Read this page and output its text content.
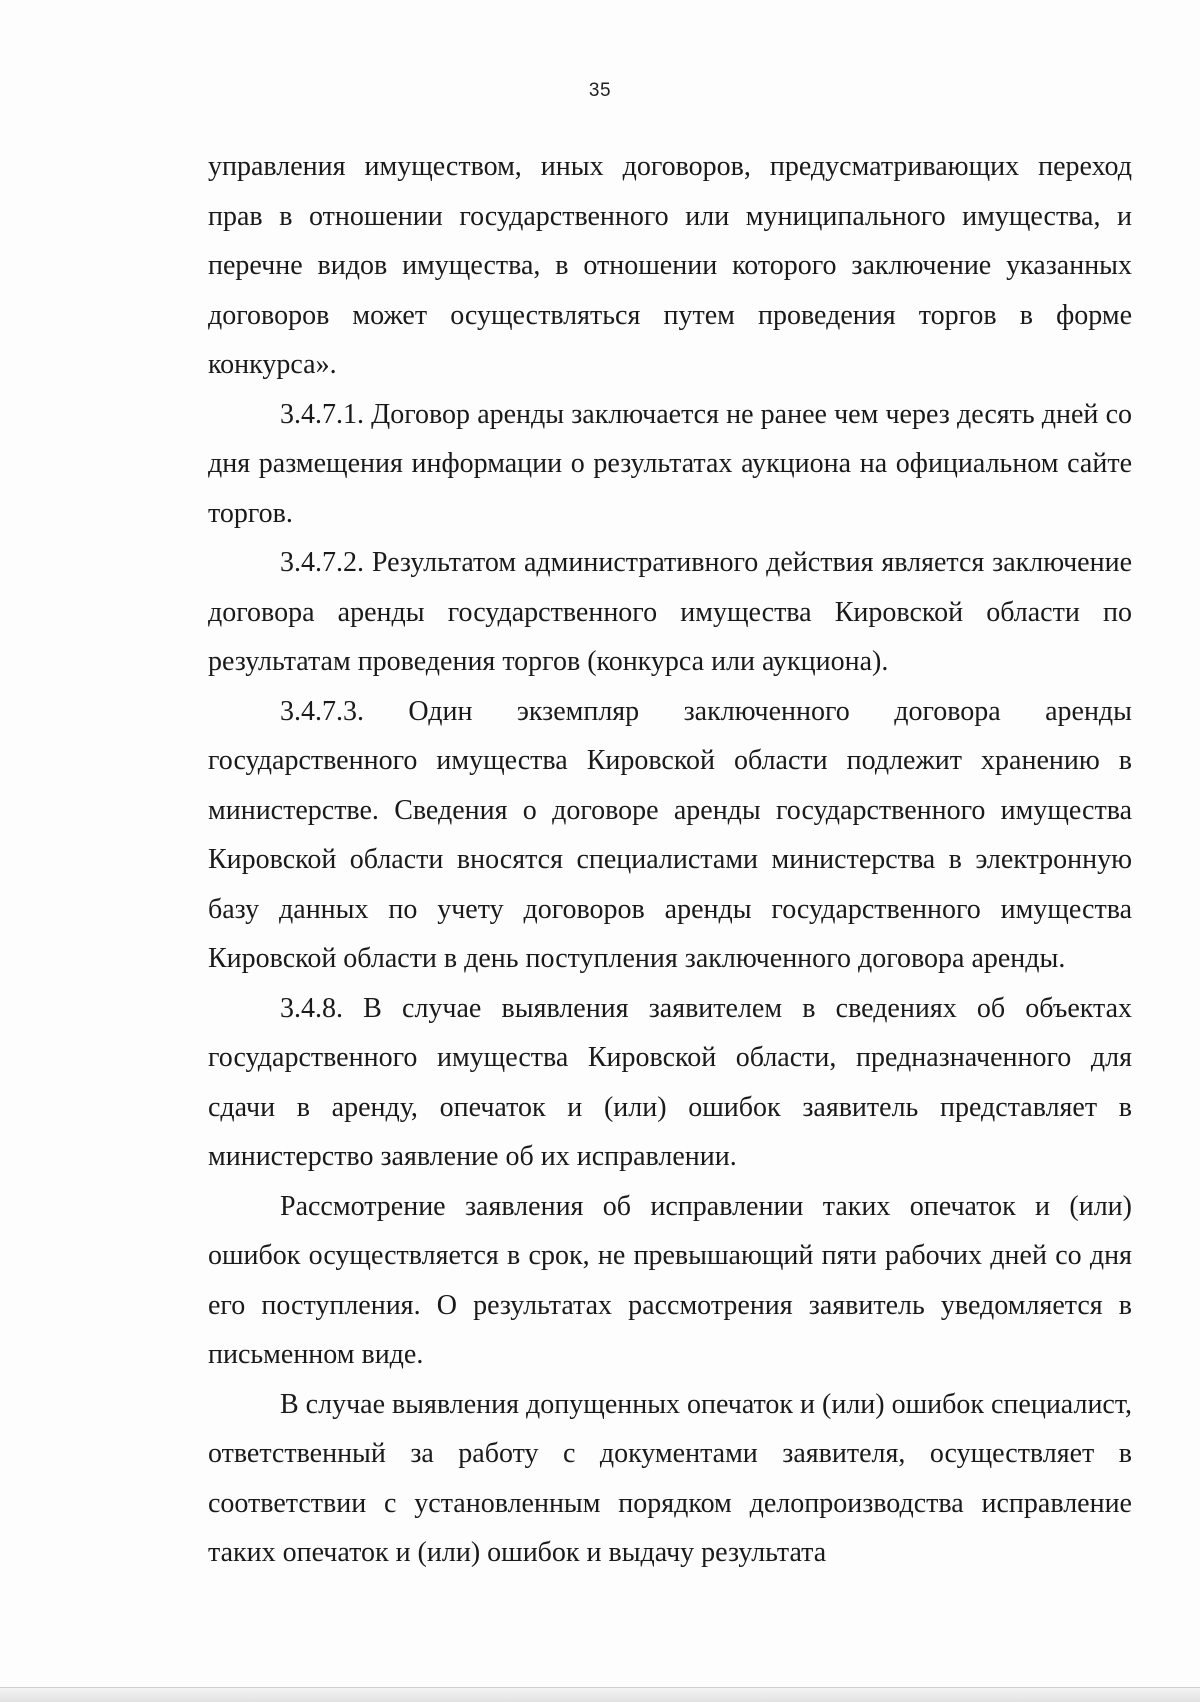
35

управления имуществом, иных договоров, предусматривающих переход прав в отношении государственного или муниципального имущества, и перечне видов имущества, в отношении которого заключение указанных договоров может осуществляться путем проведения торгов в форме конкурса».

3.4.7.1. Договор аренды заключается не ранее чем через десять дней со дня размещения информации о результатах аукциона на официальном сайте торгов.

3.4.7.2. Результатом административного действия является заключение договора аренды государственного имущества Кировской области по результатам проведения торгов (конкурса или аукциона).

3.4.7.3. Один экземпляр заключенного договора аренды государственного имущества Кировской области подлежит хранению в министерстве. Сведения о договоре аренды государственного имущества Кировской области вносятся специалистами министерства в электронную базу данных по учету договоров аренды государственного имущества Кировской области в день поступления заключенного договора аренды.

3.4.8. В случае выявления заявителем в сведениях об объектах государственного имущества Кировской области, предназначенного для сдачи в аренду, опечаток и (или) ошибок заявитель представляет в министерство заявление об их исправлении.

Рассмотрение заявления об исправлении таких опечаток и (или) ошибок осуществляется в срок, не превышающий пяти рабочих дней со дня его поступления. О результатах рассмотрения заявитель уведомляется в письменном виде.

В случае выявления допущенных опечаток и (или) ошибок специалист, ответственный за работу с документами заявителя, осуществляет в соответствии с установленным порядком делопроизводства исправление таких опечаток и (или) ошибок и выдачу результата
